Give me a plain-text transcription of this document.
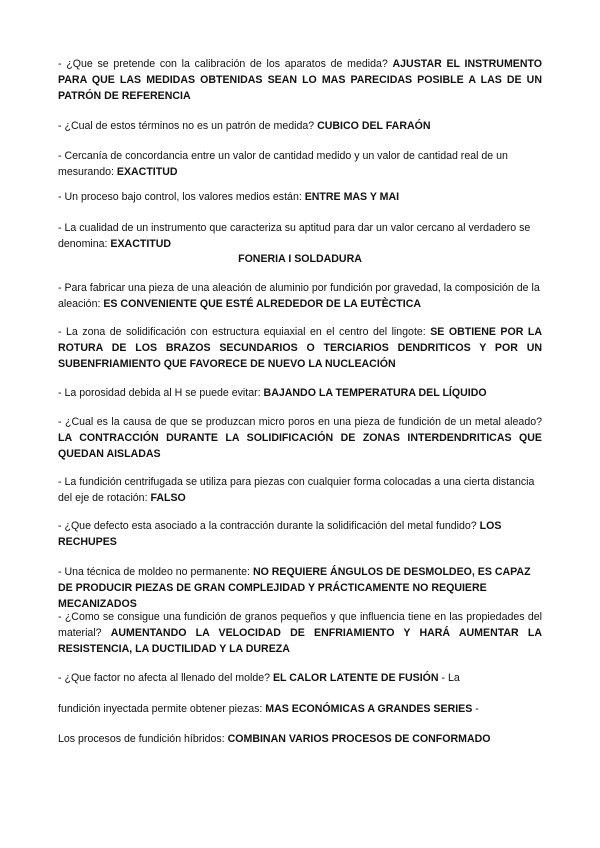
- ¿Que se pretende con la calibración de los aparatos de medida? AJUSTAR EL INSTRUMENTO PARA QUE LAS MEDIDAS OBTENIDAS SEAN LO MAS PARECIDAS POSIBLE A LAS DE UN PATRÓN DE REFERENCIA
- ¿Cual de estos términos no es un patrón de medida? CUBICO DEL FARAÓN
- Cercanía de concordancia entre un valor de cantidad medido y un valor de cantidad real de un mesurando: EXACTITUD
- Un proceso bajo control, los valores medios están: ENTRE MAS Y MAI
- La cualidad de un instrumento que caracteriza su aptitud para dar un valor cercano al verdadero se denomina: EXACTITUD
FONERIA I SOLDADURA
- Para fabricar una pieza de una aleación de aluminio por fundición por gravedad, la composición de la aleación: ES CONVENIENTE QUE ESTÉ ALREDEDOR DE LA EUTÈCTICA
- La zona de solidificación con estructura equiaxial en el centro del lingote: SE OBTIENE POR LA ROTURA DE LOS BRAZOS SECUNDARIOS O TERCIARIOS DENDRITICOS Y POR UN SUBENFRIAMIENTO QUE FAVORECE DE NUEVO LA NUCLEACIÓN
- La porosidad debida al H se puede evitar: BAJANDO LA TEMPERATURA DEL LÍQUIDO
- ¿Cual es la causa de que se produzcan micro poros en una pieza de fundición de un metal aleado? LA CONTRACCIÓN DURANTE LA SOLIDIFICACIÓN DE ZONAS INTERDENDRITICAS QUE QUEDAN AISLADAS
- La fundición centrifugada se utiliza para piezas con cualquier forma colocadas a una cierta distancia del eje de rotación: FALSO
- ¿Que defecto esta asociado a la contracción durante la solidificación del metal fundido? LOS RECHUPES
- Una técnica de moldeo no permanente: NO REQUIERE ÁNGULOS DE DESMOLDEO, ES CAPAZ DE PRODUCIR PIEZAS DE GRAN COMPLEJIDAD Y PRÁCTICAMENTE NO REQUIERE MECANIZADOS
- ¿Como se consigue una fundición de granos pequeños y que influencia tiene en las propiedades del material? AUMENTANDO LA VELOCIDAD DE ENFRIAMIENTO Y HARÁ AUMENTAR LA RESISTENCIA, LA DUCTILIDAD Y LA DUREZA
- ¿Que factor no afecta al llenado del molde? EL CALOR LATENTE DE FUSIÓN - La
fundición inyectada permite obtener piezas: MAS ECONÓMICAS A GRANDES SERIES -
Los procesos de fundición híbridos: COMBINAN VARIOS PROCESOS DE CONFORMADO
